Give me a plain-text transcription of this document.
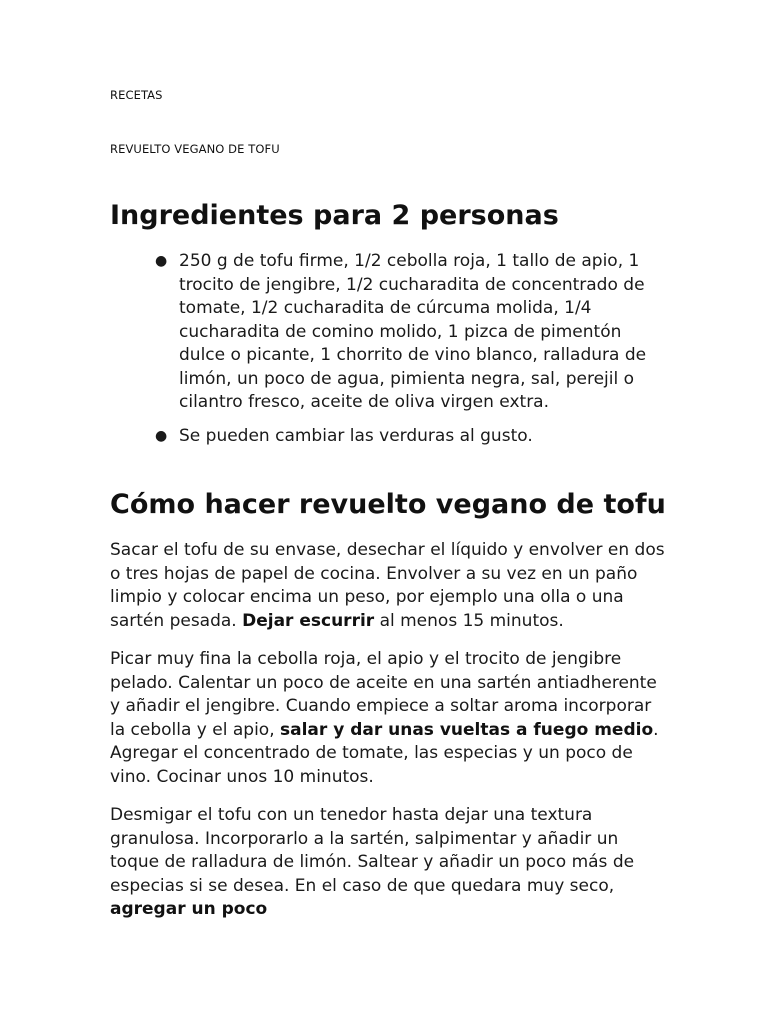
RECETAS
REVUELTO VEGANO DE TOFU
Ingredientes para 2 personas
● 250 g de tofu firme, 1/2 cebolla roja, 1 tallo de apio, 1 trocito de jengibre, 1/2 cucharadita de concentrado de tomate, 1/2 cucharadita de cúrcuma molida, 1/4 cucharadita de comino molido, 1 pizca de pimentón dulce o picante, 1 chorrito de vino blanco, ralladura de limón, un poco de agua, pimienta negra, sal, perejil o cilantro fresco, aceite de oliva virgen extra.
● Se pueden cambiar las verduras al gusto.
Cómo hacer revuelto vegano de tofu

Sacar el tofu de su envase, desechar el líquido y envolver en dos o tres hojas de papel de cocina. Envolver a su vez en un paño limpio y colocar encima un peso, por ejemplo una olla o una sartén pesada. Dejar escurrir al menos 15 minutos.

Picar muy fina la cebolla roja, el apio y el trocito de jengibre pelado. Calentar un poco de aceite en una sartén antiadherente y añadir el jengibre. Cuando empiece a soltar aroma incorporar la cebolla y el apio, salar y dar unas vueltas a fuego medio. Agregar el concentrado de tomate, las especias y un poco de vino. Cocinar unos 10 minutos.

Desmigar el tofu con un tenedor hasta dejar una textura granulosa. Incorporarlo a la sartén, salpimentar y añadir un toque de ralladura de limón. Saltear y añadir un poco más de especias si se desea. En el caso de que quedara muy seco, agregar un poco
